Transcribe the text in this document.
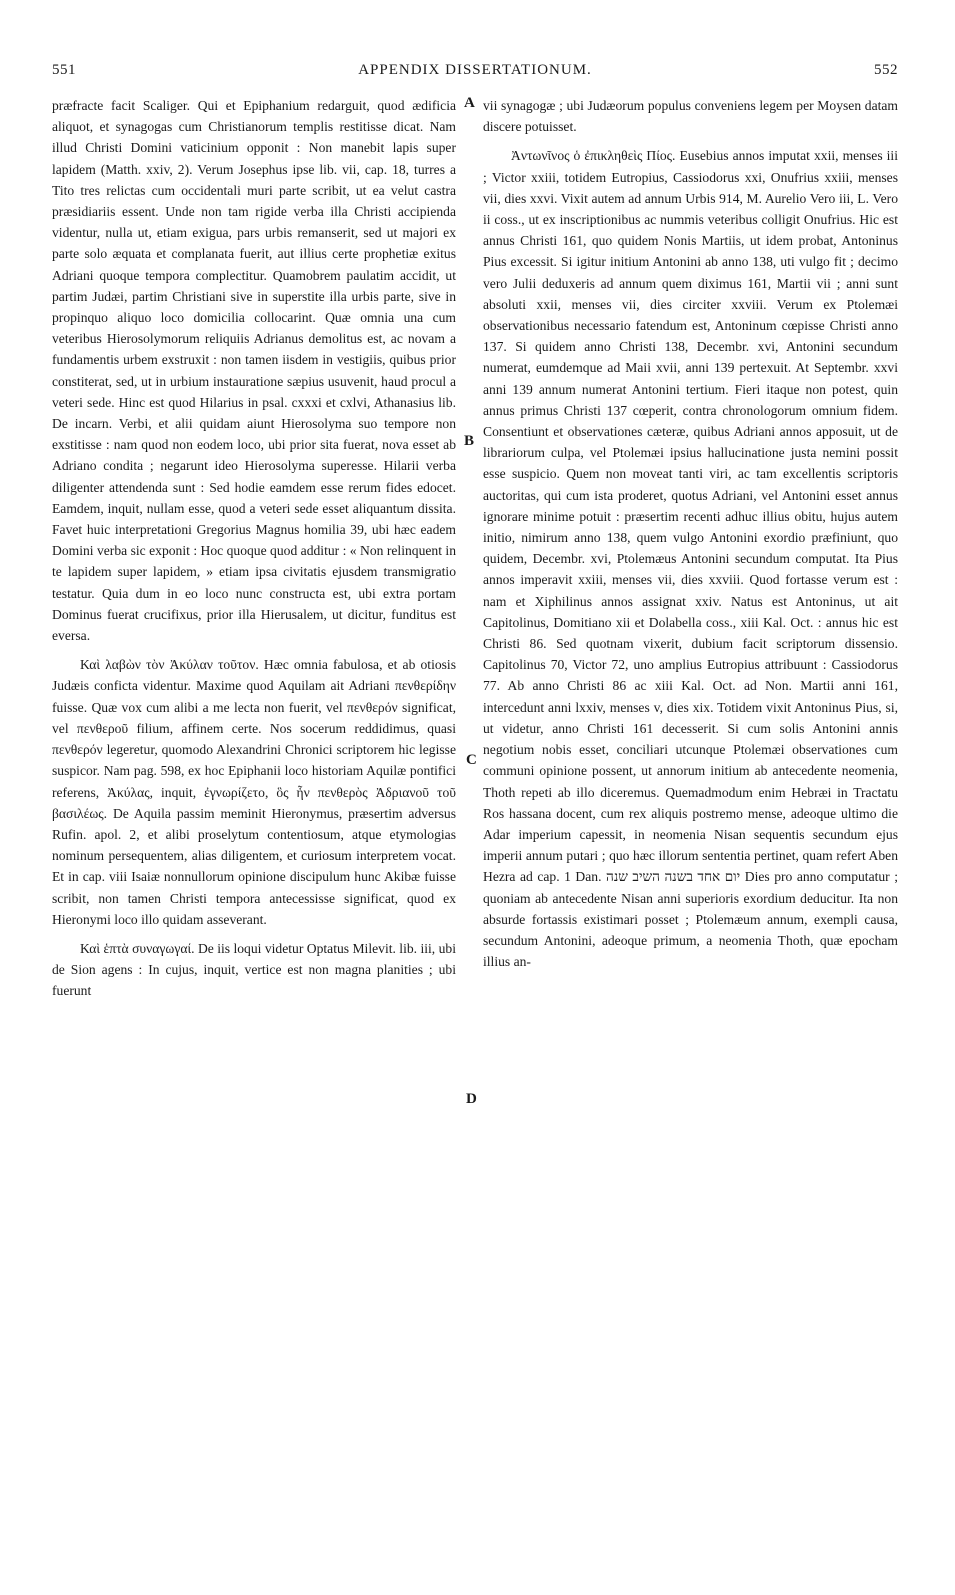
551	APPENDIX DISSERTATIONUM.	552
A
B
C
D

præfracte facit Scaliger. Qui et Epiphanium redarguit, quod ædificia aliquot, et synagogas cum Christianorum templis restitisse dicat. Nam illud Christi Domini vaticinium opponit : Non manebit lapis super lapidem (Matth. xxiv, 2). Verum Josephus ipse lib. vii, cap. 18, turres a Tito tres relictas cum occidentali muri parte scribit, ut ea velut castra præsidiariis essent. Unde non tam rigide verba illa Christi accipienda videntur, nulla ut, etiam exigua, pars urbis remanserit, sed ut majori ex parte solo æquata et complanata fuerit, aut illius certe prophetiæ exitus Adriani quoque tempora complectitur. Quamobrem paulatim accidit, ut partim Judæi, partim Christiani sive in superstite illa urbis parte, sive in propinquo aliquo loco domicilia collocarint. Quæ omnia una cum veteribus Hierosolymorum reliquiis Adrianus demolitus est, ac novam a fundamentis urbem exstruxit : non tamen iisdem in vestigiis, quibus prior constiterat, sed, ut in urbium instauratione sæpius usuvenit, haud procul a veteri sede. Hinc est quod Hilarius in psal. cxxxi et cxlvi, Athanasius lib. De incarn. Verbi, et alii quidam aiunt Hierosolyma suo tempore non exstitisse : nam quod non eodem loco, ubi prior sita fuerat, nova esset ab Adriano condita ; negarunt ideo Hierosolyma superesse. Hilarii verba diligenter attendenda sunt : Sed hodie eamdem esse rerum fides edocet. Eamdem, inquit, nullam esse, quod a veteri sede esset aliquantum dissita. Favet huic interpretationi Gregorius Magnus homilia 39, ubi hæc eadem Domini verba sic exponit : Hoc quoque quod additur : « Non relinquent in te lapidem super lapidem, » etiam ipsa civitatis ejusdem transmigratio testatur. Quia dum in eo loco nunc constructa est, ubi extra portam Dominus fuerat crucifixus, prior illa Hierusalem, ut dicitur, funditus est eversa.

Καὶ λαβὼν τὸν Ἀκύλαν τοῦτον. Hæc omnia fabulosa, et ab otiosis Judæis conficta videntur. Maxime quod Aquilam ait Adriani πενθερίδην fuisse. Quæ vox cum alibi a me lecta non fuerit, vel πενθερόν significat, vel πενθεροῦ filium, affinem certe. Nos socerum reddidimus, quasi πενθερόν legeretur, quomodo Alexandrini Chronici scriptorem hic legisse suspicor. Nam pag. 598, ex hoc Epiphanii loco historiam Aquilæ pontifici referens, Ἀκύλας, inquit, ἐγνωρίζετο, ὃς ἦν πενθερὸς Ἀδριανοῦ τοῦ βασιλέως. De Aquila passim meminit Hieronymus, præsertim adversus Rufin. apol. 2, et alibi proselytum contentiosum, atque etymologias nominum persequentem, alias diligentem, et curiosum interpretem vocat. Et in cap. viii Isaiæ nonnullorum opinione discipulum hunc Akibæ fuisse scribit, non tamen Christi tempora antecessisse significat, quod ex Hieronymi loco illo quidam asseverant.

Καὶ ἑπτὰ συναγωγαί. De iis loqui videtur Optatus Milevit. lib. iii, ubi de Sion agens : In cujus, inquit, vertice est non magna planities ; ubi fuerunt

vii synagogæ ; ubi Judæorum populus conveniens legem per Moysen datam discere potuisset.

Ἀντωνῖνος ὁ ἐπικληθεὶς Πίος. Eusebius annos imputat xxii, menses iii ; Victor xxiii, totidem Eutropius, Cassiodorus xxi, Onufrius xxiii, menses vii, dies xxvi. Vixit autem ad annum Urbis 914, M. Aurelio Vero iii, L. Vero ii coss., ut ex inscriptionibus ac nummis veteribus colligit Onufrius. Hic est annus Christi 161, quo quidem Nonis Martiis, ut idem probat, Antoninus Pius excessit. Si igitur initium Antonini ab anno 138, uti vulgo fit ; decimo vero Julii deduxeris ad annum quem diximus 161, Martii vii ; anni sunt absoluti xxii, menses vii, dies circiter xxviii. Verum ex Ptolemæi observationibus necessario fatendum est, Antoninum cœpisse Christi anno 137. Si quidem anno Christi 138, Decembr. xvi, Antonini secundum numerat, eumdemque ad Maii xvii, anni 139 pertexuit. At Septembr. xxvi anni 139 annum numerat Antonini tertium. Fieri itaque non potest, quin annus primus Christi 137 cœperit, contra chronologorum omnium fidem. Consentiunt et observationes cæteræ, quibus Adriani annos apposuit, ut de librariorum culpa, vel Ptolemæi ipsius hallucinatione justa nemini possit esse suspicio. Quem non moveat tanti viri, ac tam excellentis scriptoris auctoritas, qui cum ista proderet, quotus Adriani, vel Antonini esset annus ignorare minime potuit : præsertim recenti adhuc illius obitu, hujus autem initio, nimirum anno 138, quem vulgo Antonini exordio præfiniunt, quo quidem, Decembr. xvi, Ptolemæus Antonini secundum computat. Ita Pius annos imperavit xxiii, menses vii, dies xxviii. Quod fortasse verum est : nam et Xiphilinus annos assignat xxiv. Natus est Antoninus, ut ait Capitolinus, Domitiano xii et Dolabella coss., xiii Kal. Oct. : annus hic est Christi 86. Sed quotnam vixerit, dubium facit scriptorum dissensio. Capitolinus 70, Victor 72, uno amplius Eutropius attribuunt : Cassiodorus 77. Ab anno Christi 86 ac xiii Kal. Oct. ad Non. Martii anni 161, intercedunt anni lxxiv, menses v, dies xix. Totidem vixit Antoninus Pius, si, ut videtur, anno Christi 161 decesserit. Si cum solis Antonini annis negotium nobis esset, conciliari utcunque Ptolemæi observationes cum communi opinione possent, ut annorum initium ab antecedente neomenia, Thoth repeti ab illo diceremus. Quemadmodum enim Hebræi in Tractatu Ros hassana docent, cum rex aliquis postremo mense, adeoque ultimo die Adar imperium capessit, in neomenia Nisan sequentis secundum ejus imperii annum putari ; quo hæc illorum sententia pertinet, quam refert Aben Hezra ad cap. 1 Dan. יום אחד בשנה השיב שנה Dies pro anno computatur ; quoniam ab antecedente Nisan anni superioris exordium deducitur. Ita non absurde fortassis existimari posset ; Ptolemæum annum, exempli causa, secundum Antonini, adeoque primum, a neomenia Thoth, quæ epocham illius an-
